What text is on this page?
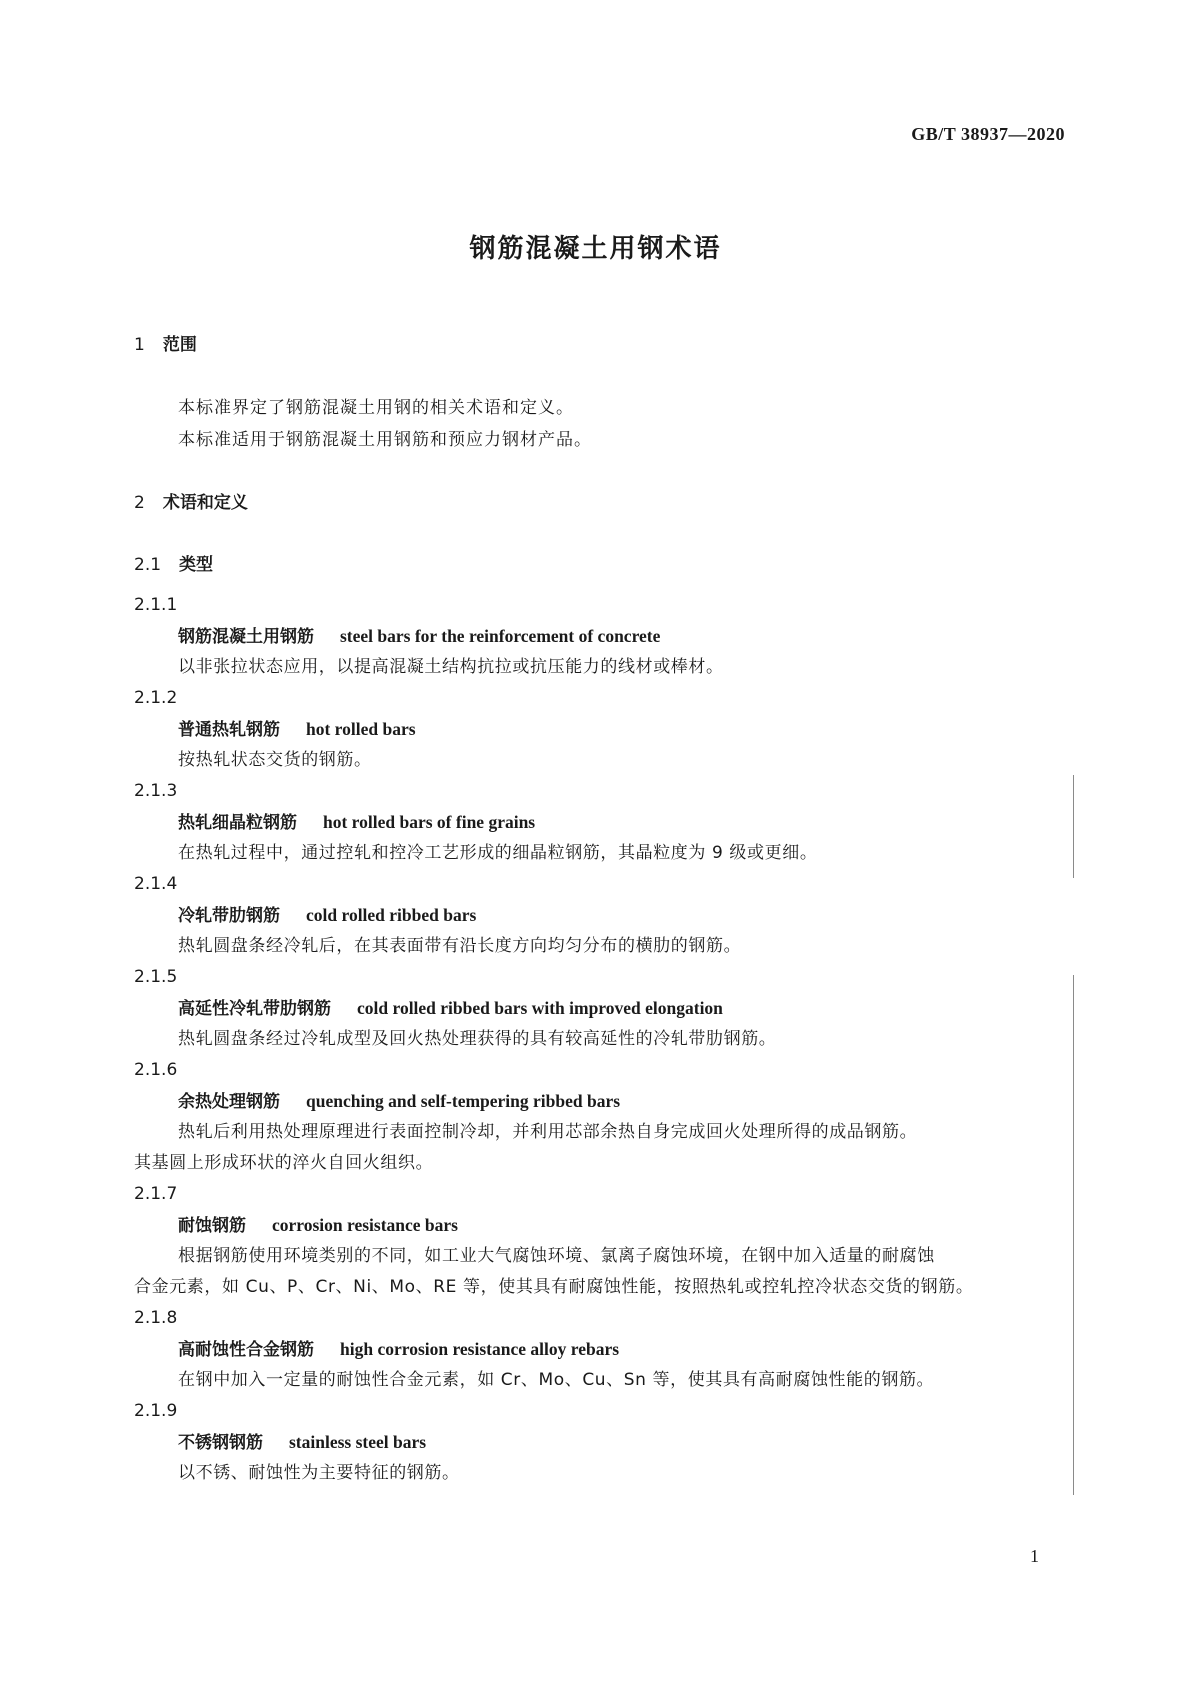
GB/T 38937—2020
钢筋混凝土用钢术语
1 范围
本标准界定了钢筋混凝土用钢的相关术语和定义。
本标准适用于钢筋混凝土用钢筋和预应力钢材产品。
2 术语和定义
2.1 类型
2.1.1
钢筋混凝土用钢筋 steel bars for the reinforcement of concrete
以非张拉状态应用，以提高混凝土结构抗拉或抗压能力的线材或棒材。
2.1.2
普通热轧钢筋 hot rolled bars
按热轧状态交货的钢筋。
2.1.3
热轧细晶粒钢筋 hot rolled bars of fine grains
在热轧过程中，通过控轧和控冷工艺形成的细晶粒钢筋，其晶粒度为 9 级或更细。
2.1.4
冷轧带肋钢筋 cold rolled ribbed bars
热轧圆盘条经冷轧后，在其表面带有沿长度方向均匀分布的横肋的钢筋。
2.1.5
高延性冷轧带肋钢筋 cold rolled ribbed bars with improved elongation
热轧圆盘条经过冷轧成型及回火热处理获得的具有较高延性的冷轧带肋钢筋。
2.1.6
余热处理钢筋 quenching and self-tempering ribbed bars
热轧后利用热处理原理进行表面控制冷却，并利用芯部余热自身完成回火处理所得的成品钢筋。
其基圆上形成环状的淬火自回火组织。
2.1.7
耐蚀钢筋 corrosion resistance bars
根据钢筋使用环境类别的不同，如工业大气腐蚀环境、氯离子腐蚀环境，在钢中加入适量的耐腐蚀
合金元素，如 Cu、P、Cr、Ni、Mo、RE 等，使其具有耐腐蚀性能，按照热轧或控轧控冷状态交货的钢筋。
2.1.8
高耐蚀性合金钢筋 high corrosion resistance alloy rebars
在钢中加入一定量的耐蚀性合金元素，如 Cr、Mo、Cu、Sn 等，使其具有高耐腐蚀性能的钢筋。
2.1.9
不锈钢钢筋 stainless steel bars
以不锈、耐蚀性为主要特征的钢筋。
1
